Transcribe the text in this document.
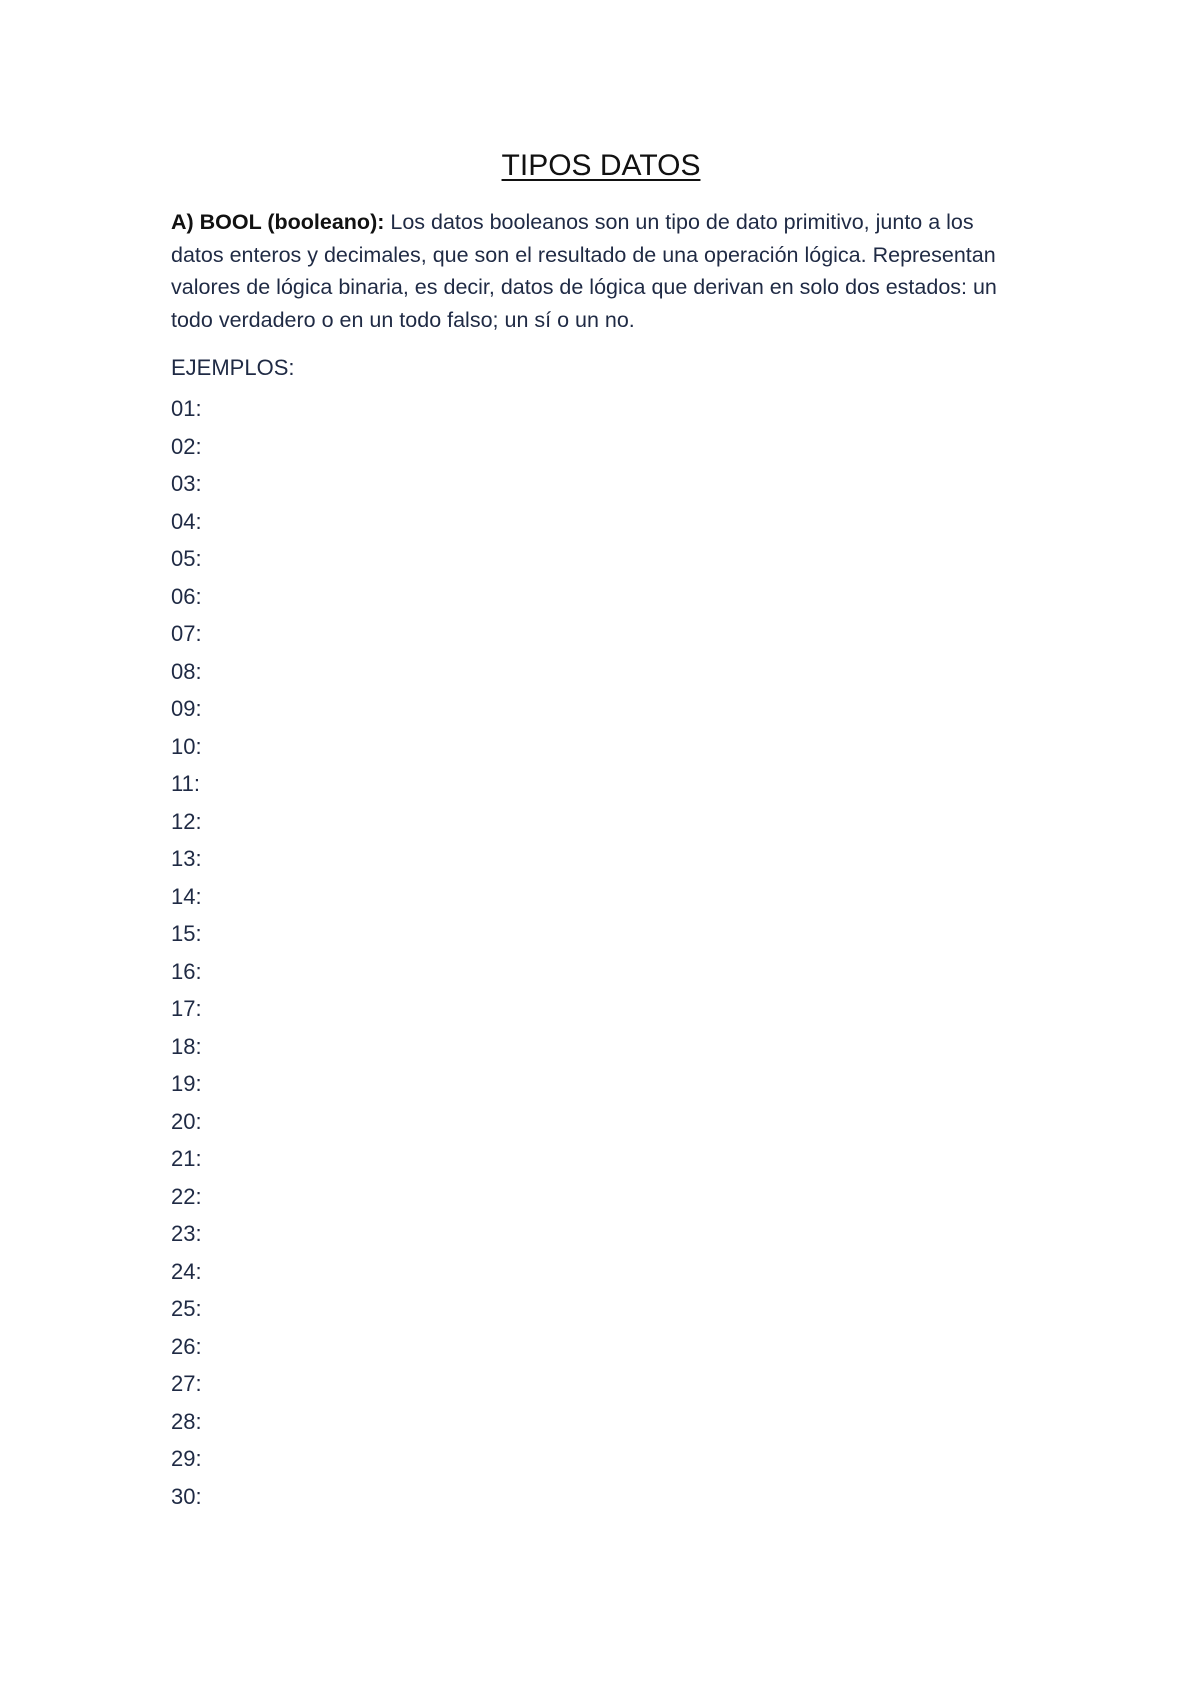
TIPOS DATOS

A) BOOL (booleano): Los datos booleanos son un tipo de dato primitivo, junto a los datos enteros y decimales, que son el resultado de una operación lógica. Representan valores de lógica binaria, es decir, datos de lógica que derivan en solo dos estados: un todo verdadero o en un todo falso; un sí o un no.

EJEMPLOS:
01:
02:
03:
04:
05:
06:
07:
08:
09:
10:
11:
12:
13:
14:
15:
16:
17:
18:
19:
20:
21:
22:
23:
24:
25:
26:
27:
28:
29:
30:
